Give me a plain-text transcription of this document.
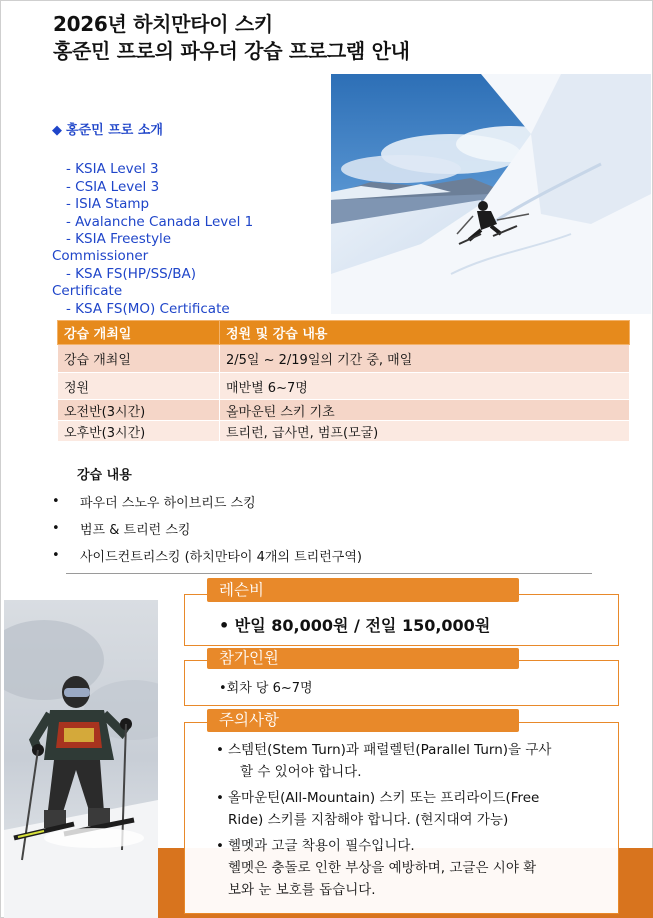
2026년 하치만타이 스키
홍준민 프로의 파우더 강습 프로그램 안내
◆ 홍준민 프로 소개
- KSIA Level 3
- CSIA Level 3
- ISIA Stamp
- Avalanche Canada Level 1
- KSIA Freestyle
Commissioner
- KSA FS(HP/SS/BA)
Certificate
- KSA FS(MO) Certificate
강습 개최일	정원 및 강습 내용
강습 개최일	2/5일 ~ 2/19일의 기간 중, 매일
정원	매반별 6~7명
오전반(3시간)	올마운틴 스키 기초
오후반(3시간)	트리런, 급사면, 범프(모굴)
강습 내용
•	파우더 스노우 하이브리드 스킹
•	범프 & 트리런 스킹
•	사이드컨트리스킹 (하치만타이 4개의 트리런구역)
레슨비
• 반일 80,000원 / 전일 150,000원
참가인원
•회차 당 6~7명
주의사항
• 스템턴(Stem Turn)과 패럴렐턴(Parallel Turn)을 구사
할 수 있어야 합니다.
• 올마운틴(All-Mountain) 스키 또는 프리라이드(Free
Ride) 스키를 지참해야 합니다. (현지대여 가능)
• 헬멧과 고글 착용이 필수입니다.
헬멧은 충돌로 인한 부상을 예방하며, 고글은 시야 확
보와 눈 보호를 돕습니다.
